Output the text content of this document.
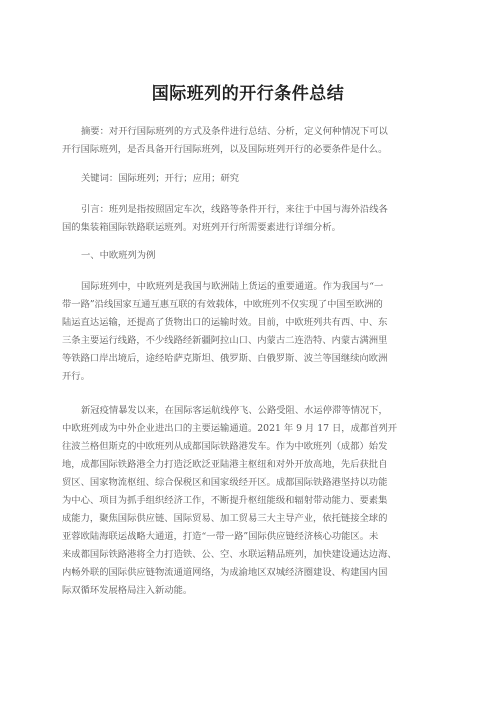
国际班列的开行条件总结
摘要：对开行国际班列的方式及条件进行总结、分析，定义何种情况下可以
开行国际班列，是否具备开行国际班列，以及国际班列开行的必要条件是什么。
关键词：国际班列；开行；应用；研究
引言：班列是指按照固定车次，线路等条件开行，来往于中国与海外沿线各
国的集装箱国际铁路联运班列。对班列开行所需要素进行详细分析。
一、中欧班列为例
国际班列中，中欧班列是我国与欧洲陆上货运的重要通道。作为我国与“一
带一路”沿线国家互通互惠互联的有效载体，中欧班列不仅实现了中国至欧洲的
陆运直达运输，还提高了货物出口的运输时效。目前，中欧班列共有西、中、东
三条主要运行线路，不少线路经新疆阿拉山口、内蒙古二连浩特、内蒙古满洲里
等铁路口岸出境后，途经哈萨克斯坦、俄罗斯、白俄罗斯、波兰等国继续向欧洲
开行。
新冠疫情暴发以来，在国际客运航线停飞、公路受阻、水运停滞等情况下，
中欧班列成为中外企业进出口的主要运输通道。2021 年 9 月 17 日，成都首列开
往波兰格但斯克的中欧班列从成都国际铁路港发车。作为中欧班列（成都）始发
地，成都国际铁路港全力打造泛欧泛亚陆港主枢纽和对外开放高地，先后获批自
贸区、国家物流枢纽、综合保税区和国家级经开区。成都国际铁路港坚持以功能
为中心、项目为抓手组织经济工作，不断提升枢纽能级和辐射带动能力、要素集
成能力，聚焦国际供应链、国际贸易、加工贸易三大主导产业，依托链接全球的
亚蓉欧陆海联运战略大通道，打造“一带一路”国际供应链经济核心功能区。未
来成都国际铁路港将全力打造铁、公、空、水联运精品班列，加快建设通达边海、
内畅外联的国际供应链物流通道网络，为成渝地区双城经济圈建设、构建国内国
际双循环发展格局注入新动能。
